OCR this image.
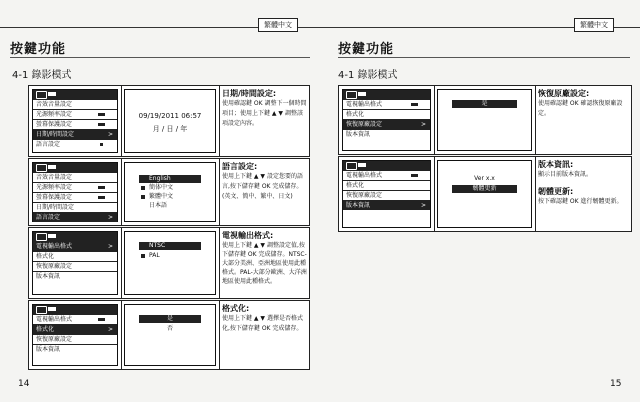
繁體中文
按鍵功能
4-1 錄影模式
音效音量設定
光源頻率設定
螢幕保護設定
日期/時間設定	>
語言設定
09/19/2011 06:57
月 / 日 / 年
日期/時間設定:
使用確認鍵 OK 調整下一個時間項目；使用上下鍵 ▲ ▼ 調整該項設定內容。
音效音量設定
光源頻率設定
螢幕保護設定
日期/時間設定
語言設定	>
English
簡体中文
繁體中文
日本語
語言設定:
使用上下鍵 ▲ ▼ 設定您要的語言,按下儲存鍵 OK 完成儲存。(英文、簡中、繁中、日文)
電視輸出格式	>
格式化
恢復原廠設定
版本資訊
NTSC
PAL
電視輸出格式:
使用上下鍵 ▲ ▼ 調整設定值,按下儲存鍵 OK 完成儲存。NTSC-大部分美洲、亞洲地區使用此種格式。PAL-大部分歐洲、大洋洲地區使用此種格式。
電視輸出格式
格式化	>
恢復原廠設定
版本資訊
是
否
格式化:
使用上下鍵 ▲ ▼ 選擇是否格式化,按下儲存鍵 OK 完成儲存。
14
繁體中文
按鍵功能
4-1 錄影模式
電視輸出格式
格式化
恢復原廠設定	>
版本資訊
是
恢復原廠設定:
使用確認鍵 OK 確認恢復原廠設定。
電視輸出格式
格式化
恢復原廠設定
版本資訊	>
Ver x.x
韌體更新
版本資訊:
顯示目前版本資訊。
韌體更新:
按下確認鍵 OK 進行韌體更新。
15
